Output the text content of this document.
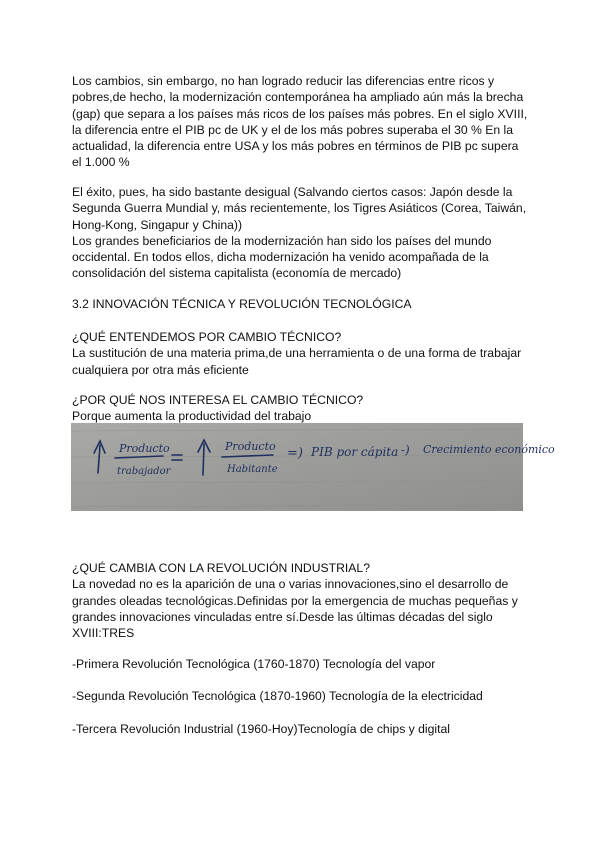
Los cambios, sin embargo, no han logrado reducir las diferencias entre ricos y
pobres,de hecho, la modernización contemporánea ha ampliado aún más la brecha
(gap) que separa a los países más ricos de los países más pobres. En el siglo XVIII,
la diferencia entre el PIB pc de UK y el de los más pobres superaba el 30 % En la
actualidad, la diferencia entre USA y los más pobres en términos de PIB pc supera
el 1.000 %

El éxito, pues, ha sido bastante desigual (Salvando ciertos casos: Japón desde la
Segunda Guerra Mundial y, más recientemente, los Tigres Asiáticos (Corea, Taiwán,
Hong-Kong, Singapur y China))
Los grandes beneficiarios de la modernización han sido los países del mundo
occidental. En todos ellos, dicha modernización ha venido acompañada de la
consolidación del sistema capitalista (economía de mercado)

3.2 INNOVACIÓN TÉCNICA Y REVOLUCIÓN TECNOLÓGICA

¿QUÉ ENTENDEMOS POR CAMBIO TÉCNICO?
La sustitución de una materia prima,de una herramienta o de una forma de trabajar
cualquiera por otra más eficiente

¿POR QUÉ NOS INTERESA EL CAMBIO TÉCNICO?
Porque aumenta la productividad del trabajo

Producto
trabajador
Producto
Habitante
=) PIB por cápita -) Crecimiento económico

¿QUÉ CAMBIA CON LA REVOLUCIÓN INDUSTRIAL?
La novedad no es la aparición de una o varias innovaciones,sino el desarrollo de
grandes oleadas tecnológicas.Definidas por la emergencia de muchas pequeñas y
grandes innovaciones vinculadas entre sí.Desde las últimas décadas del siglo
XVIII:TRES

-Primera Revolución Tecnológica (1760-1870) Tecnología del vapor

-Segunda Revolución Tecnológica (1870-1960) Tecnología de la electricidad

-Tercera Revolución Industrial (1960-Hoy)Tecnología de chips y digital
